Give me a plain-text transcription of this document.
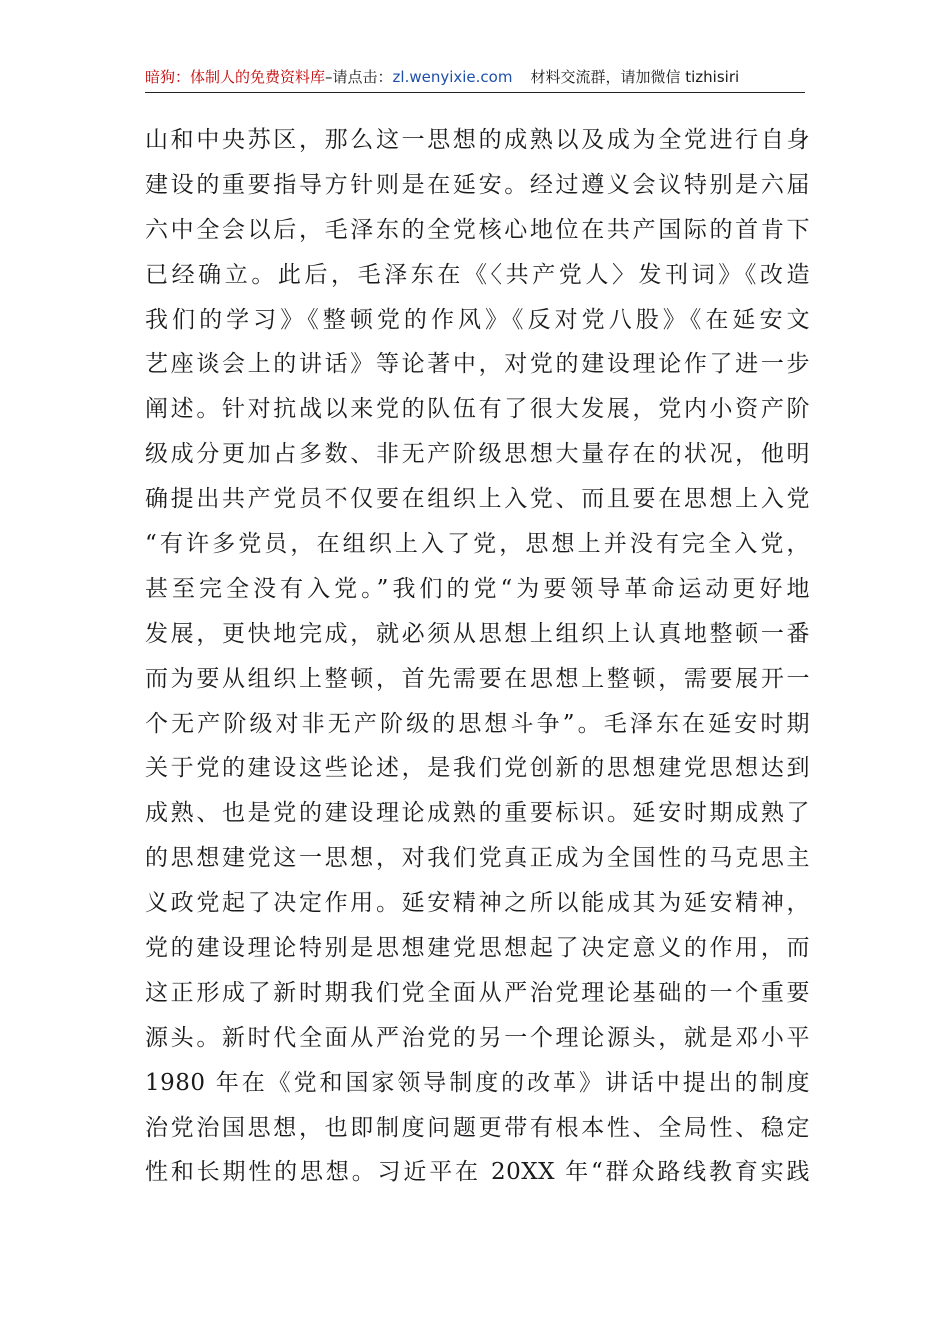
暗狗：体制人的免费资料库–请点击：zl.wenyixie.com 材料交流群，请加微信 tizhisiri
山和中央苏区，那么这一思想的成熟以及成为全党进行自身
建设的重要指导方针则是在延安。经过遵义会议特别是六届
六中全会以后，毛泽东的全党核心地位在共产国际的首肯下
已经确立。此后，毛泽东在《〈共产党人〉发刊词》《改造
我们的学习》《整顿党的作风》《反对党八股》《在延安文
艺座谈会上的讲话》等论著中，对党的建设理论作了进一步
阐述。针对抗战以来党的队伍有了很大发展，党内小资产阶
级成分更加占多数、非无产阶级思想大量存在的状况，他明
确提出共产党员不仅要在组织上入党、而且要在思想上入党
“有许多党员，在组织上入了党，思想上并没有完全入党，
甚至完全没有入党。”我们的党“为要领导革命运动更好地
发展，更快地完成，就必须从思想上组织上认真地整顿一番
而为要从组织上整顿，首先需要在思想上整顿，需要展开一
个无产阶级对非无产阶级的思想斗争”。毛泽东在延安时期
关于党的建设这些论述，是我们党创新的思想建党思想达到
成熟、也是党的建设理论成熟的重要标识。延安时期成熟了
的思想建党这一思想，对我们党真正成为全国性的马克思主
义政党起了决定作用。延安精神之所以能成其为延安精神，
党的建设理论特别是思想建党思想起了决定意义的作用，而
这正形成了新时期我们党全面从严治党理论基础的一个重要
源头。新时代全面从严治党的另一个理论源头，就是邓小平
1980 年在《党和国家领导制度的改革》讲话中提出的制度
治党治国思想，也即制度问题更带有根本性、全局性、稳定
性和长期性的思想。习近平在 20XX 年“群众路线教育实践
